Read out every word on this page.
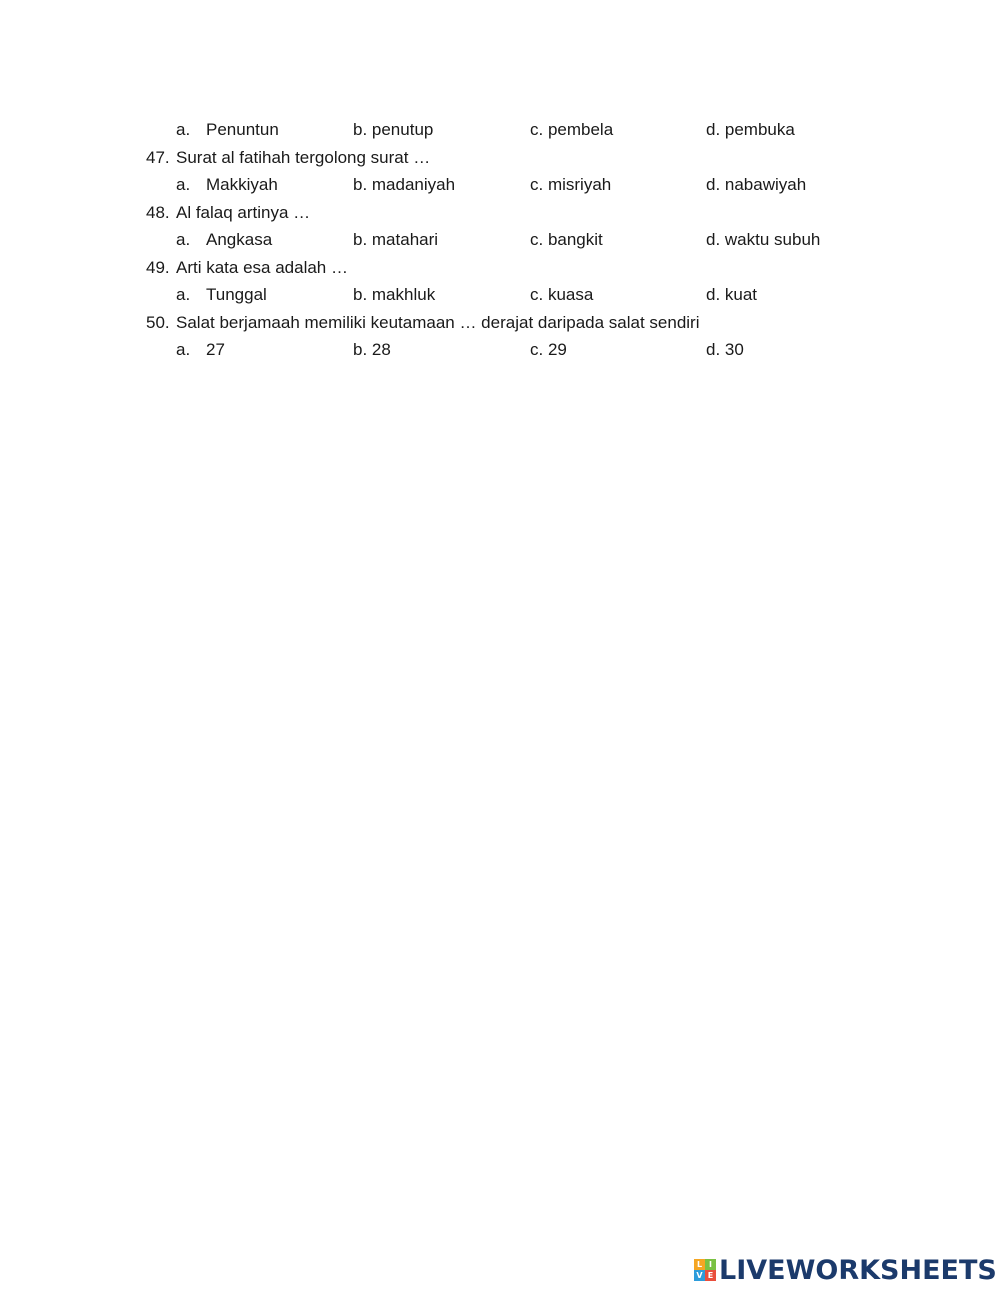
a. Penuntun	b. penutup	c. pembela	d. pembuka
47. Surat al fatihah tergolong surat …
a. Makkiyah	b. madaniyah	c. misriyah	d. nabawiyah
48. Al falaq artinya …
a. Angkasa	b. matahari	c. bangkit	d. waktu subuh
49. Arti kata esa adalah …
a. Tunggal	b. makhluk	c. kuasa	d. kuat
50. Salat berjamaah memiliki keutamaan … derajat daripada salat sendiri
a. 27	b. 28	c. 29	d. 30
L I
V E LIVEWORKSHEETS
